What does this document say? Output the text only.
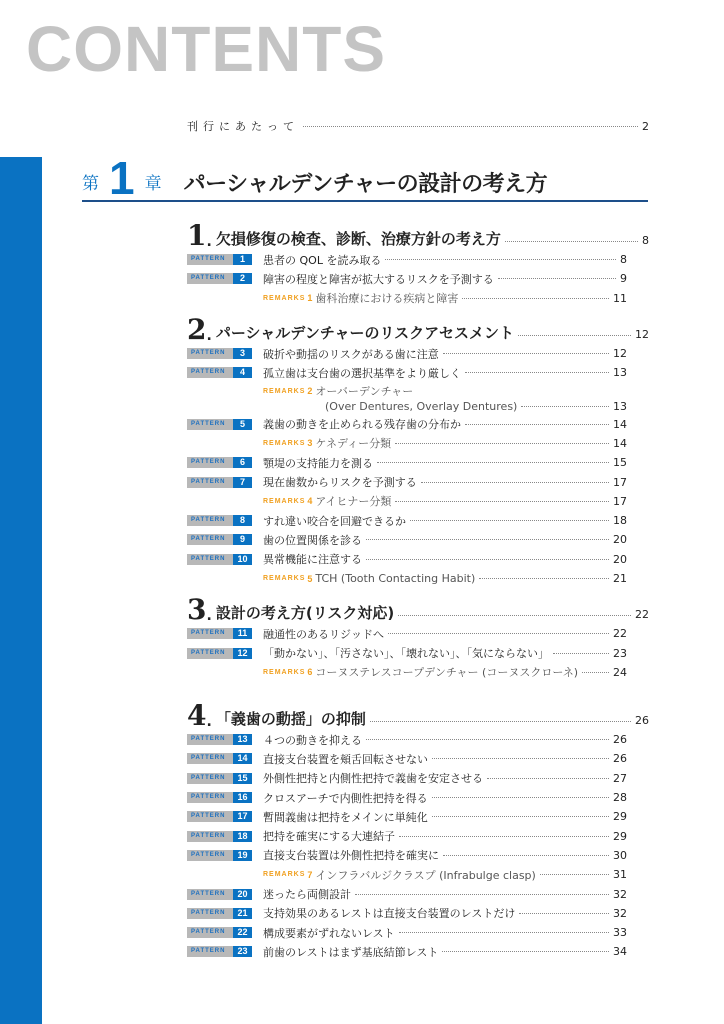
CONTENTS
刊行にあたって	2
第 1 章 パーシャルデンチャーの設計の考え方
1 . 欠損修復の検査、診断、治療方針の考え方	8
PATTERN	1	患者の QOL を読み取る	8
PATTERN	2	障害の程度と障害が拡大するリスクを予測する	9
REMARKS 1 歯科治療における疾病と障害	11
2 . パーシャルデンチャーのリスクアセスメント	12
PATTERN	3	破折や動揺のリスクがある歯に注意	12
PATTERN	4	孤立歯は支台歯の選択基準をより厳しく	13
REMARKS 2 オーバーデンチャー
(Over Dentures, Overlay Dentures)	13
PATTERN	5	義歯の動きを止められる残存歯の分布か	14
REMARKS 3 ケネディー分類	14
PATTERN	6	顎堤の支持能力を測る	15
PATTERN	7	現在歯数からリスクを予測する	17
REMARKS 4 アイヒナー分類	17
PATTERN	8	すれ違い咬合を回避できるか	18
PATTERN	9	歯の位置関係を診る	20
PATTERN	10	異常機能に注意する	20
REMARKS 5 TCH (Tooth Contacting Habit)	21
3 . 設計の考え方(リスク対応)	22
PATTERN	11	融通性のあるリジッドへ	22
PATTERN	12	「動かない」、「汚さない」、「壊れない」、「気にならない」	23
REMARKS 6 コーヌステレスコープデンチャー (コーヌスクローネ)	24
4 . 「義歯の動揺」の抑制	26
PATTERN	13	４つの動きを抑える	26
PATTERN	14	直接支台装置を頬舌回転させない	26
PATTERN	15	外側性把持と内側性把持で義歯を安定させる	27
PATTERN	16	クロスアーチで内側性把持を得る	28
PATTERN	17	暫間義歯は把持をメインに単純化	29
PATTERN	18	把持を確実にする大連結子	29
PATTERN	19	直接支台装置は外側性把持を確実に	30
REMARKS 7 インフラバルジクラスプ (Infrabulge clasp)	31
PATTERN	20	迷ったら両側設計	32
PATTERN	21	支持効果のあるレストは直接支台装置のレストだけ	32
PATTERN	22	構成要素がずれないレスト	33
PATTERN	23	前歯のレストはまず基底結節レスト	34
